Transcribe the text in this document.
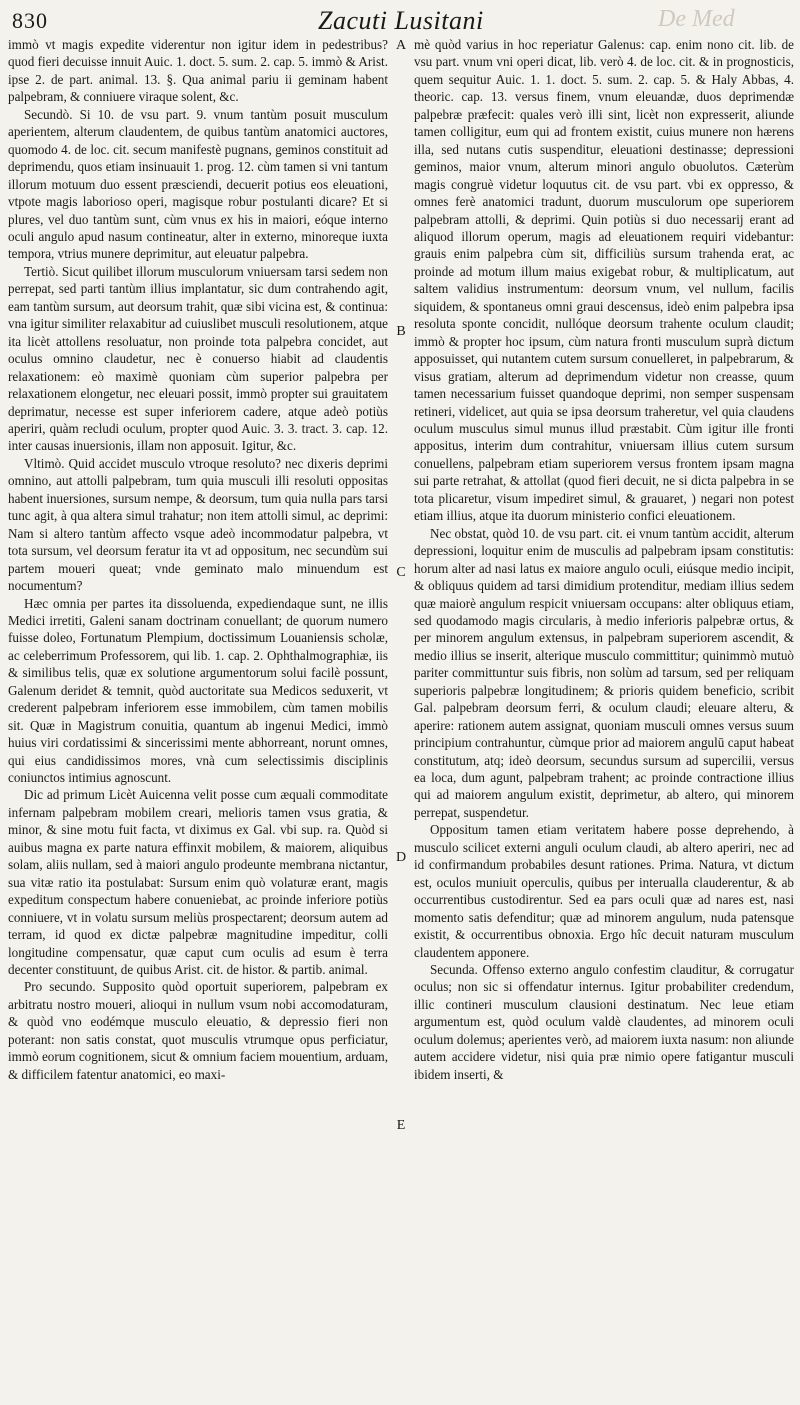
830	Zacuti Lusitani	De Med

immò vt magis expedite viderentur non igitur idem in pedestribus? quod fieri decuisse innuit Auic. 1. doct. 5. sum. 2. cap. 5. immò & Arist. ipse 2. de part. animal. 13. §. Qua animal pariu ii geminam habent palpebram, & conniuere viraque solent, &c.

Secundò. Si 10. de vsu part. 9. vnum tantùm posuit musculum aperientem, alterum claudentem, de quibus tantùm anatomici auctores, quomodo 4. de loc. cit. secum manifestè pugnans, geminos constituit ad deprimendu, quos etiam insinuauit 1. prog. 12. cùm tamen si vni tantum illorum motuum duo essent præsciendi, decuerit potius eos eleuationi, vtpote magis laborioso operi, magisque robur postulanti dicare? Et si plures, vel duo tantùm sunt, cùm vnus ex his in maiori, eóque interno oculi angulo apud nasum contineatur, alter in externo, minoreque iuxta tempora, vtrius munere deprimitur, aut eleuatur palpebra.

Tertiò. Sicut quilibet illorum musculorum vniuersam tarsi sedem non perrepat, sed parti tantùm illius implantatur, sic dum contrahendo agit, eam tantùm sursum, aut deorsum trahit, quæ sibi vicina est, & continua: vna igitur similiter relaxabitur ad cuiuslibet musculi resolutionem, atque ita licèt attollens resoluatur, non proinde tota palpebra concidet, aut oculus omnino claudetur, nec è conuerso hiabit ad claudentis relaxationem: eò maximè quoniam cùm superior palpebra per relaxationem elongetur, nec eleuari possit, immò propter sui grauitatem deprimatur, necesse est super inferiorem cadere, atque adeò potiùs aperiri, quàm recludi oculum, propter quod Auic. 3. 3. tract. 3. cap. 12. inter causas inuersionis, illam non apposuit. Igitur, &c.

Vltimò. Quid accidet musculo vtroque resoluto? nec dixeris deprimi omnino, aut attolli palpebram, tum quia musculi illi resoluti oppositas habent inuersiones, sursum nempe, & deorsum, tum quia nulla pars tarsi tunc agit, à qua altera simul trahatur; non item attolli simul, ac deprimi: Nam si altero tantùm affecto vsque adeò incommodatur palpebra, vt tota sursum, vel deorsum feratur ita vt ad oppositum, nec secundùm sui partem moueri queat; vnde geminato malo minuendum est nocumentum?

Hæc omnia per partes ita dissoluenda, expediendaque sunt, ne illis Medici irretiti, Galeni sanam doctrinam conuellant; de quorum numero fuisse doleo, Fortunatum Plempium, doctissimum Louaniensis scholæ, ac celeberrimum Professorem, qui lib. 1. cap. 2. Ophthalmographiæ, iis & similibus telis, quæ ex solutione argumentorum solui facilè possunt, Galenum deridet & temnit, quòd auctoritate sua Medicos seduxerit, vt crederent palpebram inferiorem esse immobilem, cùm tamen mobilis sit. Quæ in Magistrum conuitia, quantum ab ingenui Medici, immò huius viri cordatissimi & sincerissimi mente abhorreant, norunt omnes, qui eius candidissimos mores, vnà cum selectissimis disciplinis coniunctos intimius agnoscunt.

Dic ad primum Licèt Auicenna velit posse cum æquali commoditate infernam palpebram mobilem creari, melioris tamen vsus gratia, & minor, & sine motu fuit facta, vt diximus ex Gal. vbi sup. ra. Quòd si auibus magna ex parte natura effinxit mobilem, & maiorem, aliquibus solam, aliis nullam, sed à maiori angulo prodeunte membrana nictantur, sua vitæ ratio ita postulabat: Sursum enim quò volaturæ erant, magis expeditum conspectum habere conueniebat, ac proinde inferiore potiùs conniuere, vt in volatu sursum meliùs prospectarent; deorsum autem ad terram, id quod ex dictæ palpebræ magnitudine impeditur, colli longitudine compensatur, quæ caput cum oculis ad esum è terra decenter constituunt, de quibus Arist. cit. de histor. & partib. animal.

Pro secundo. Supposito quòd oportuit superiorem, palpebram ex arbitratu nostro moueri, alioqui in nullum vsum nobi accomodaturam, & quòd vno eodémque musculo eleuatio, & depressio fieri non poterant: non satis constat, quot musculis vtrumque opus perficiatur, immò eorum cognitionem, sicut & omnium faciem mouentium, arduam, & difficilem fatentur anatomici, eo maxi-

A
B
C
D
E

mè quòd varius in hoc reperiatur Galenus: cap. enim nono cit. lib. de vsu part. vnum vni operi dicat, lib. verò 4. de loc. cit. & in prognosticis, quem sequitur Auic. 1. 1. doct. 5. sum. 2. cap. 5. & Haly Abbas, 4. theoric. cap. 13. versus finem, vnum eleuandæ, duos deprimendæ palpebræ præfecit: quales verò illi sint, licèt non expresserit, aliunde tamen colligitur, eum qui ad frontem existit, cuius munere non hærens illa, sed nutans cutis suspenditur, eleuationi destinasse; depressioni geminos, maior vnum, alterum minori angulo obuolutos. Cæterùm magis congruè videtur loquutus cit. de vsu part. vbi ex oppresso, & omnes ferè anatomici tradunt, duorum musculorum ope superiorem palpebram attolli, & deprimi. Quin potiùs si duo necessarij erant ad aliquod illorum operum, magis ad eleuationem requiri videbantur: grauis enim palpebra cùm sit, difficiliùs sursum trahenda erat, ac proinde ad motum illum maius exigebat robur, & multiplicatum, aut saltem validius instrumentum: deorsum vnum, vel nullum, facilis siquidem, & spontaneus omni graui descensus, ideò enim palpebra ipsa resoluta sponte concidit, nullóque deorsum trahente oculum claudit; immò & propter hoc ipsum, cùm natura fronti musculum suprà dictum apposuisset, qui nutantem cutem sursum conuelleret, in palpebrarum, & visus gratiam, alterum ad deprimendum videtur non creasse, quum tamen necessarium fuisset quandoque deprimi, non semper suspensam retineri, videlicet, aut quia se ipsa deorsum traheretur, vel quia claudens oculum musculus simul munus illud præstabit. Cùm igitur ille fronti appositus, interim dum contrahitur, vniuersam illius cutem sursum conuellens, palpebram etiam superiorem versus frontem ipsam magna sui parte retrahat, & attollat (quod fieri decuit, ne si dicta palpebra in se tota plicaretur, visum impediret simul, & grauaret, ) negari non potest etiam illius, atque ita duorum ministerio confici eleuationem.

Nec obstat, quòd 10. de vsu part. cit. ei vnum tantùm accidit, alterum depressioni, loquitur enim de musculis ad palpebram ipsam constitutis: horum alter ad nasi latus ex maiore angulo oculi, eiúsque medio incipit, & obliquus quidem ad tarsi dimidium protenditur, mediam illius sedem quæ maiorè angulum respicit vniuersam occupans: alter obliquus etiam, sed quodamodo magis circularis, à medio inferioris palpebræ ortus, & per minorem angulum extensus, in palpebram superiorem ascendit, & medio illius se inserit, alterique musculo committitur; quinimmò mutuò pariter committuntur suis fibris, non solùm ad tarsum, sed per reliquam superioris palpebræ longitudinem; & prioris quidem beneficio, scribit Gal. palpebram deorsum ferri, & oculum claudi; eleuare alteru, & aperire: rationem autem assignat, quoniam musculi omnes versus suum principium contrahuntur, cùmque prior ad maiorem angulū caput habeat constitutum, atq; ideò deorsum, secundus sursum ad supercilii, versus ea loca, dum agunt, palpebram trahent; ac proinde contractione illius qui ad maiorem angulum existit, deprimetur, ab altero, qui minorem perrepat, suspendetur.

Oppositum tamen etiam veritatem habere posse deprehendo, à musculo scilicet externi anguli oculum claudi, ab altero aperiri, nec ad id confirmandum probabiles desunt rationes. Prima. Natura, vt dictum est, oculos muniuit operculis, quibus per interualla clauderentur, & ab occurrentibus custodirentur. Sed ea pars oculi quæ ad nares est, nasi momento satis defenditur; quæ ad minorem angulum, nuda patensque existit, & occurrentibus obnoxia. Ergo hîc decuit naturam musculum claudentem apponere.

Secunda. Offenso externo angulo confestim clauditur, & corrugatur oculus; non sic si offendatur internus. Igitur probabiliter credendum, illic contineri musculum clausioni destinatum. Nec leue etiam argumentum est, quòd oculum valdè claudentes, ad minorem oculi oculum dolemus; aperientes verò, ad maiorem iuxta nasum: non aliunde autem accidere videtur, nisi quia præ nimio opere fatigantur musculi ibidem inserti, &
